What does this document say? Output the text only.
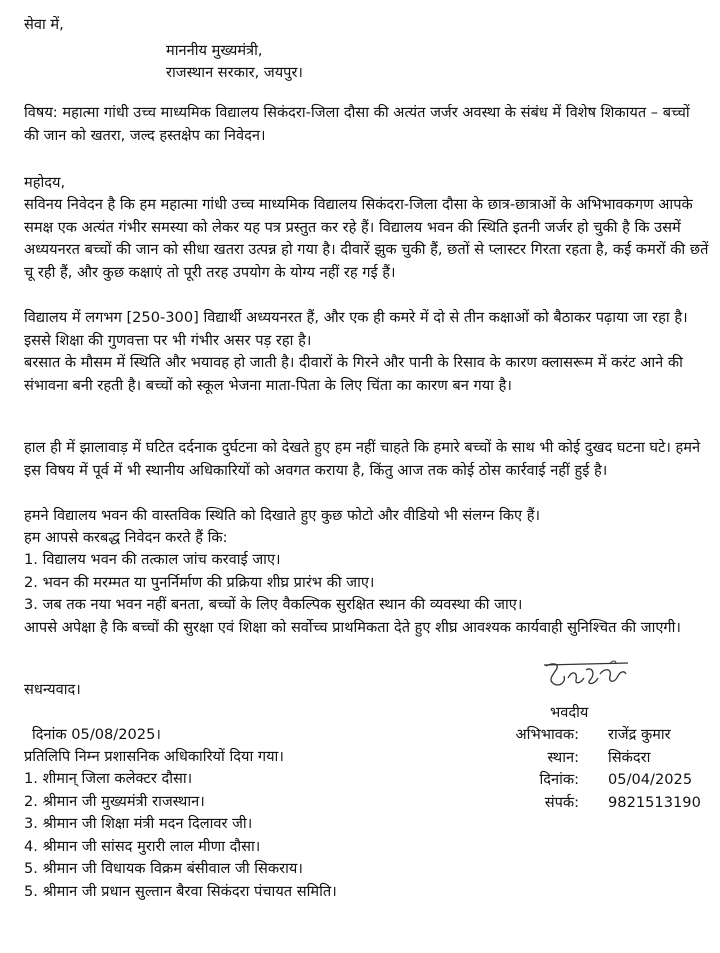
सेवा में,
माननीय मुख्यमंत्री,
राजस्थान सरकार, जयपुर।
विषय: महात्मा गांधी उच्च माध्यमिक विद्यालय सिकंदरा-जिला दौसा की अत्यंत जर्जर अवस्था के संबंध में विशेष शिकायत – बच्चों की जान को खतरा, जल्द हस्तक्षेप का निवेदन।
महोदय,
सविनय निवेदन है कि हम महात्मा गांधी उच्च माध्यमिक विद्यालय सिकंदरा-जिला दौसा के छात्र-छात्राओं के अभिभावकगण आपके समक्ष एक अत्यंत गंभीर समस्या को लेकर यह पत्र प्रस्तुत कर रहे हैं। विद्यालय भवन की स्थिति इतनी जर्जर हो चुकी है कि उसमें अध्ययनरत बच्चों की जान को सीधा खतरा उत्पन्न हो गया है। दीवारें झुक चुकी हैं, छतों से प्लास्टर गिरता रहता है, कई कमरों की छतें चू रही हैं, और कुछ कक्षाएं तो पूरी तरह उपयोग के योग्य नहीं रह गई हैं।
विद्यालय में लगभग [250-300] विद्यार्थी अध्ययनरत हैं, और एक ही कमरे में दो से तीन कक्षाओं को बैठाकर पढ़ाया जा रहा है। इससे शिक्षा की गुणवत्ता पर भी गंभीर असर पड़ रहा है।
बरसात के मौसम में स्थिति और भयावह हो जाती है। दीवारों के गिरने और पानी के रिसाव के कारण क्लासरूम में करंट आने की संभावना बनी रहती है। बच्चों को स्कूल भेजना माता-पिता के लिए चिंता का कारण बन गया है।
हाल ही में झालावाड़ में घटित दर्दनाक दुर्घटना को देखते हुए हम नहीं चाहते कि हमारे बच्चों के साथ भी कोई दुखद घटना घटे। हमने इस विषय में पूर्व में भी स्थानीय अधिकारियों को अवगत कराया है, किंतु आज तक कोई ठोस कार्रवाई नहीं हुई है।
हमने विद्यालय भवन की वास्तविक स्थिति को दिखाते हुए कुछ फोटो और वीडियो भी संलग्न किए हैं।
हम आपसे करबद्ध निवेदन करते हैं कि:
1. विद्यालय भवन की तत्काल जांच करवाई जाए।
2. भवन की मरम्मत या पुनर्निर्माण की प्रक्रिया शीघ्र प्रारंभ की जाए।
3. जब तक नया भवन नहीं बनता, बच्चों के लिए वैकल्पिक सुरक्षित स्थान की व्यवस्था की जाए।
आपसे अपेक्षा है कि बच्चों की सुरक्षा एवं शिक्षा को सर्वोच्च प्राथमिकता देते हुए शीघ्र आवश्यक कार्यवाही सुनिश्चित की जाएगी।
सधन्यवाद।
दिनांक 05/08/2025।
प्रतिलिपि निम्न प्रशासनिक अधिकारियों दिया गया।
1. शीमान् जिला कलेक्टर दौसा।
2. श्रीमान जी मुख्यमंत्री राजस्थान।
3. श्रीमान जी शिक्षा मंत्री मदन दिलावर जी।
4. श्रीमान जी सांसद मुरारी लाल मीणा दौसा।
5. श्रीमान जी विधायक विक्रम बंसीवाल जी सिकराय।
5. श्रीमान जी प्रधान सुल्तान बैरवा सिकंदरा पंचायत समिति।
भवदीय
अभिभावक: राजेंद्र कुमार
स्थान: सिकंदरा
दिनांक: 05/04/2025
संपर्क: 9821513190
